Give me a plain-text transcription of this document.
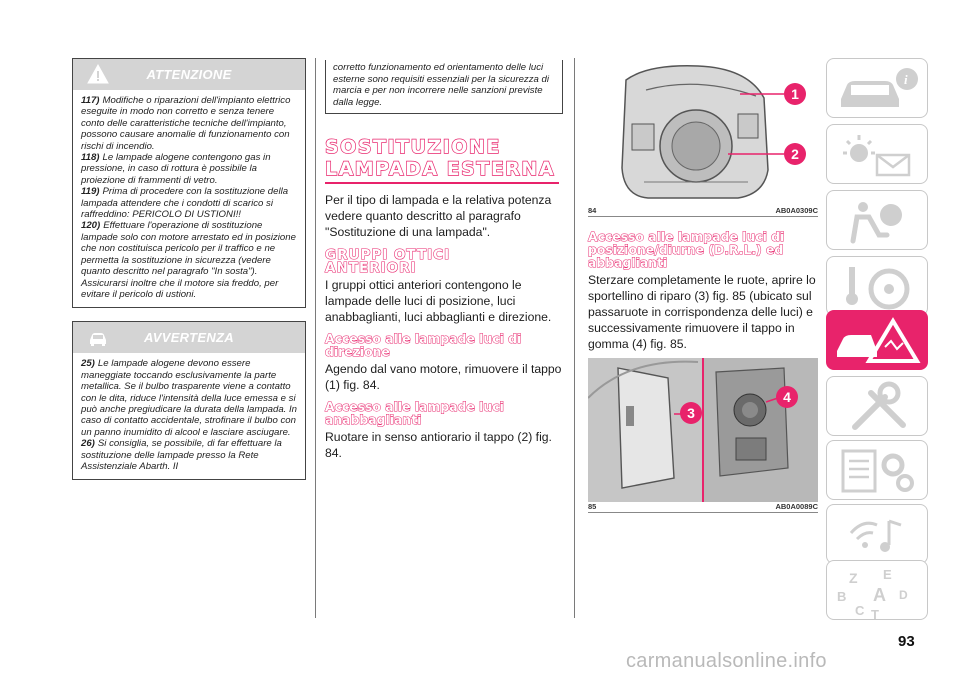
ATTENZIONE

117) Modifiche o riparazioni dell'impianto elettrico eseguite in modo non corretto e senza tenere conto delle caratteristiche tecniche dell'impianto, possono causare anomalie di funzionamento con rischi di incendio.

118) Le lampade alogene contengono gas in pressione, in caso di rottura è possibile la proiezione di frammenti di vetro.

119) Prima di procedere con la sostituzione della lampada attendere che i condotti di scarico si raffreddino: PERICOLO DI USTIONI!!

120) Effettuare l'operazione di sostituzione lampade solo con motore arrestato ed in posizione che non costituisca pericolo per il traffico e ne permetta la sostituzione in sicurezza (vedere quanto descritto nel paragrafo "In sosta"). Assicurarsi inoltre che il motore sia freddo, per evitare il pericolo di ustioni.

AVVERTENZA

25) Le lampade alogene devono essere maneggiate toccando esclusivamente la parte metallica. Se il bulbo trasparente viene a contatto con le dita, riduce l'intensità della luce emessa e si può anche pregiudicare la durata della lampada. In caso di contatto accidentale, strofinare il bulbo con un panno inumidito di alcool e lasciare asciugare.

26) Si consiglia, se possibile, di far effettuare la sostituzione delle lampade presso la Rete Assistenziale Abarth. II

corretto funzionamento ed orientamento delle luci esterne sono requisiti essenziali per la sicurezza di marcia e per non incorrere nelle sanzioni previste dalla legge.
SOSTITUZIONE
LAMPADA ESTERNA

Per il tipo di lampada e la relativa potenza vedere quanto descritto al paragrafo "Sostituzione di una lampada".

GRUPPI OTTICI
ANTERIORI

I gruppi ottici anteriori contengono le lampade delle luci di posizione, luci anabbaglianti, luci abbaglianti e direzione.

Accesso alle lampade luci di direzione

Agendo dal vano motore, rimuovere il tappo (1) fig. 84.

Accesso alle lampade luci anabbaglianti

Ruotare in senso antiorario il tappo (2) fig. 84.

1
2
84	AB0A0309C
Accesso alle lampade luci di posizione/diurne (D.R.L.) ed abbaglianti

Sterzare completamente le ruote, aprire lo sportellino di riparo (3) fig. 85 (ubicato sul passaruote in corrispondenza delle luci) e successivamente rimuovere il tappo in gomma (4) fig. 85.

3
4
85	AB0A0089C
i
Z E
B A D
C T
93
carmanualsonline.info
